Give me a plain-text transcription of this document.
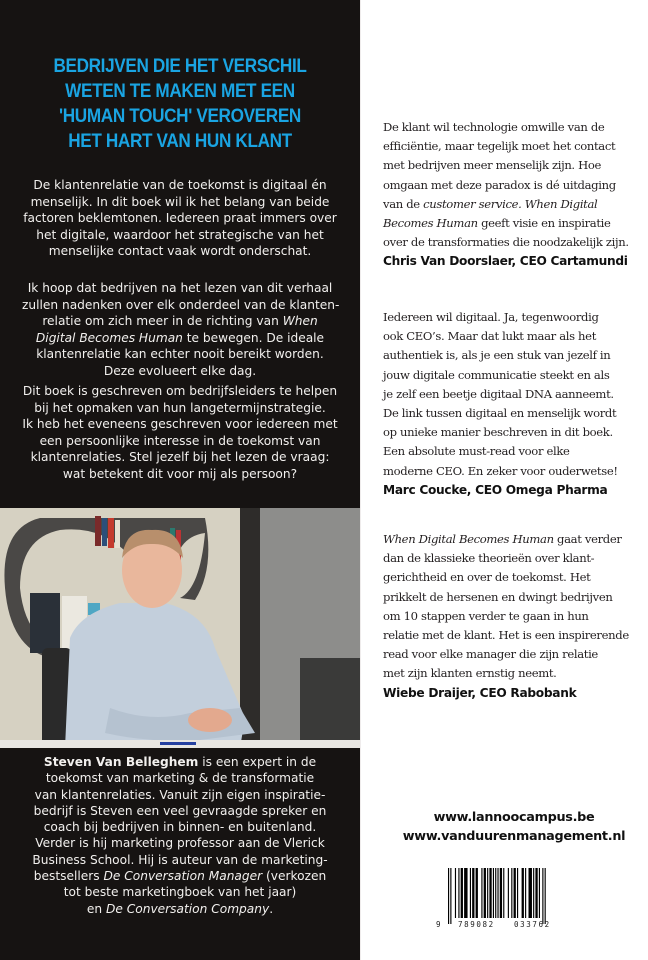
BEDRIJVEN DIE HET VERSCHIL
WETEN TE MAKEN MET EEN
'HUMAN TOUCH' VEROVEREN
HET HART VAN HUN KLANT
De klantenrelatie van de toekomst is digitaal én
menselijk. In dit boek wil ik het belang van beide
factoren beklemtonen. Iedereen praat immers over
het digitale, waardoor het strategische van het
menselijke contact vaak wordt onderschat.
Ik hoop dat bedrijven na het lezen van dit verhaal
zullen nadenken over elk onderdeel van de klanten-
relatie om zich meer in de richting van When
Digital Becomes Human te bewegen. De ideale
klantenrelatie kan echter nooit bereikt worden.
Deze evolueert elke dag.
Dit boek is geschreven om bedrijfsleiders te helpen
bij het opmaken van hun langetermijnstrategie.
Ik heb het eveneens geschreven voor iedereen met
een persoonlijke interesse in de toekomst van
klantenrelaties. Stel jezelf bij het lezen de vraag:
wat betekent dit voor mij als persoon?
Steven Van Belleghem is een expert in de
toekomst van marketing & de transformatie
van klantenrelaties. Vanuit zijn eigen inspiratie-
bedrijf is Steven een veel gevraagde spreker en
coach bij bedrijven in binnen- en buitenland.
Verder is hij marketing professor aan de Vlerick
Business School. Hij is auteur van de marketing-
bestsellers De Conversation Manager (verkozen
tot beste marketingboek van het jaar)
en De Conversation Company.
De klant wil technologie omwille van de
efficiëntie, maar tegelijk moet het contact
met bedrijven meer menselijk zijn. Hoe
omgaan met deze paradox is dé uitdaging
van de customer service. When Digital
Becomes Human geeft visie en inspiratie
over de transformaties die noodzakelijk zijn.
Chris Van Doorslaer, CEO Cartamundi
Iedereen wil digitaal. Ja, tegenwoordig
ook CEO’s. Maar dat lukt maar als het
authentiek is, als je een stuk van jezelf in
jouw digitale communicatie steekt en als
je zelf een beetje digitaal DNA aanneemt.
De link tussen digitaal en menselijk wordt
op unieke manier beschreven in dit boek.
Een absolute must-read voor elke
moderne CEO. En zeker voor ouderwetse!
Marc Coucke, CEO Omega Pharma
When Digital Becomes Human gaat verder
dan de klassieke theorieën over klant-
gerichtheid en over de toekomst. Het
prikkelt de hersenen en dwingt bedrijven
om 10 stappen verder te gaan in hun
relatie met de klant. Het is een inspirerende
read voor elke manager die zijn relatie
met zijn klanten ernstig neemt.
Wiebe Draijer, CEO Rabobank
www.lannoocampus.be
www.vanduurenmanagement.nl
9 789082	033762
